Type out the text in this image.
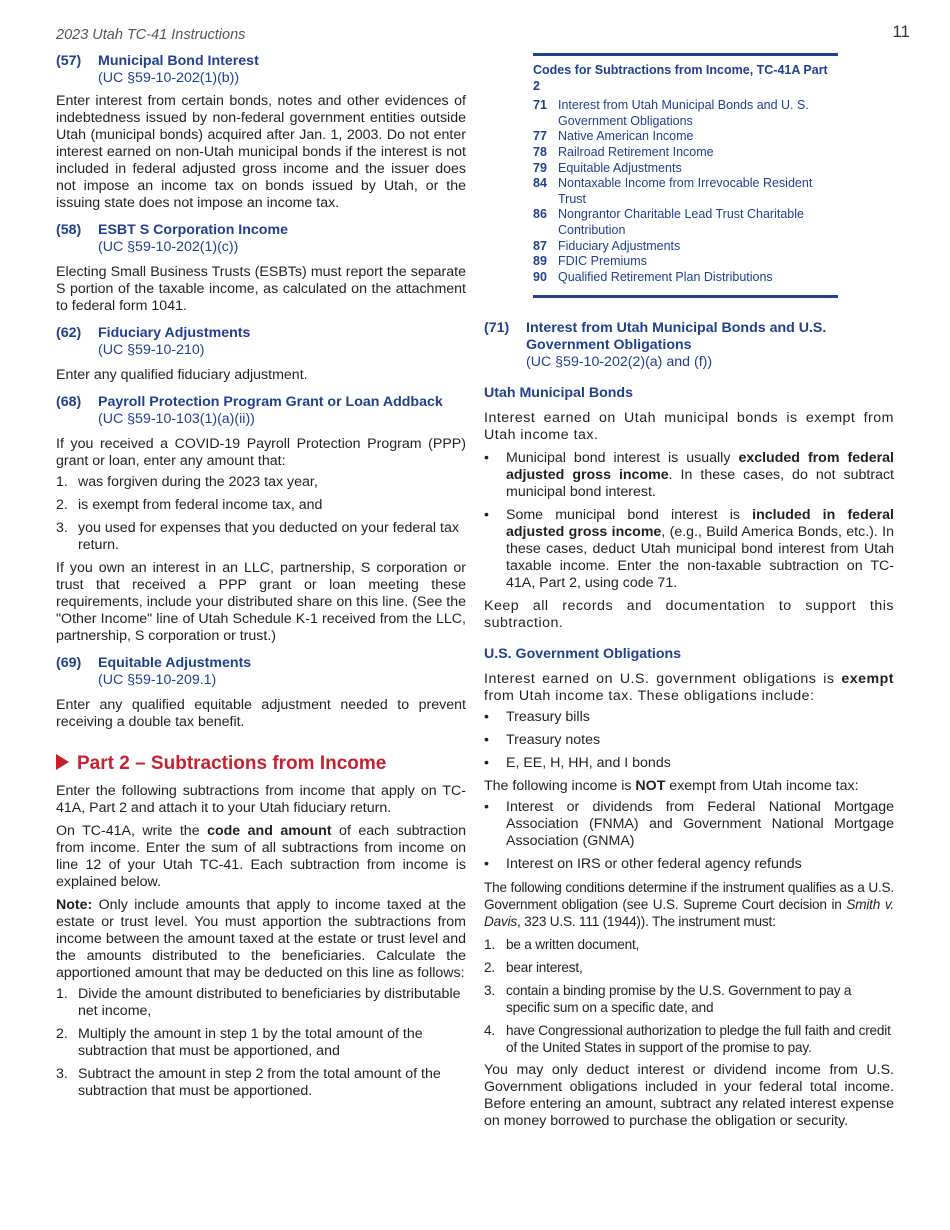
2023 Utah TC-41 Instructions	11
(57) Municipal Bond Interest
(UC §59-10-202(1)(b))

Enter interest from certain bonds, notes and other evidences of indebtedness issued by non-federal government entities outside Utah (municipal bonds) acquired after Jan. 1, 2003. Do not enter interest earned on non-Utah municipal bonds if the interest is not included in federal adjusted gross income and the issuer does not impose an income tax on bonds issued by Utah, or the issuing state does not impose an income tax.

(58) ESBT S Corporation Income
(UC §59-10-202(1)(c))

Electing Small Business Trusts (ESBTs) must report the separate S portion of the taxable income, as calculated on the attachment to federal form 1041.

(62) Fiduciary Adjustments
(UC §59-10-210)

Enter any qualified fiduciary adjustment.

(68) Payroll Protection Program Grant or Loan Addback
(UC §59-10-103(1)(a)(ii))

If you received a COVID-19 Payroll Protection Program (PPP) grant or loan, enter any amount that:

1. was forgiven during the 2023 tax year,
2. is exempt from federal income tax, and
3. you used for expenses that you deducted on your federal tax return.

If you own an interest in an LLC, partnership, S corporation or trust that received a PPP grant or loan meeting these requirements, include your distributed share on this line. (See the "Other Income" line of Utah Schedule K-1 received from the LLC, partnership, S corporation or trust.)

(69) Equitable Adjustments
(UC §59-10-209.1)

Enter any qualified equitable adjustment needed to prevent receiving a double tax benefit.

Part 2 – Subtractions from Income

Enter the following subtractions from income that apply on TC-41A, Part 2 and attach it to your Utah fiduciary return.

On TC-41A, write the code and amount of each subtraction from income. Enter the sum of all subtractions from income on line 12 of your Utah TC-41. Each subtraction from income is explained below.

Note: Only include amounts that apply to income taxed at the estate or trust level. You must apportion the subtractions from income between the amount taxed at the estate or trust level and the amounts distributed to the beneficiaries. Calculate the apportioned amount that may be deducted on this line as follows:

1. Divide the amount distributed to beneficiaries by distributable net income,
2. Multiply the amount in step 1 by the total amount of the subtraction that must be apportioned, and
3. Subtract the amount in step 2 from the total amount of the subtraction that must be apportioned.

Codes for Subtractions from Income, TC-41A Part 2

71 Interest from Utah Municipal Bonds and U. S. Government Obligations
77 Native American Income
78 Railroad Retirement Income
79 Equitable Adjustments
84 Nontaxable Income from Irrevocable Resident Trust
86 Nongrantor Charitable Lead Trust Charitable Contribution
87 Fiduciary Adjustments
89 FDIC Premiums
90 Qualified Retirement Plan Distributions
(71) Interest from Utah Municipal Bonds and U.S. Government Obligations
(UC §59-10-202(2)(a) and (f))

Utah Municipal Bonds

Interest earned on Utah municipal bonds is exempt from Utah income tax.

• Municipal bond interest is usually excluded from federal adjusted gross income. In these cases, do not subtract municipal bond interest.
• Some municipal bond interest is included in federal adjusted gross income, (e.g., Build America Bonds, etc.). In these cases, deduct Utah municipal bond interest from Utah taxable income. Enter the non-taxable subtraction on TC-41A, Part 2, using code 71.

Keep all records and documentation to support this subtraction.

U.S. Government Obligations

Interest earned on U.S. government obligations is exempt from Utah income tax. These obligations include:

• Treasury bills
• Treasury notes
• E, EE, H, HH, and I bonds

The following income is NOT exempt from Utah income tax:

• Interest or dividends from Federal National Mortgage Association (FNMA) and Government National Mortgage Association (GNMA)
• Interest on IRS or other federal agency refunds

The following conditions determine if the instrument qualifies as a U.S. Government obligation (see U.S. Supreme Court decision in Smith v. Davis, 323 U.S. 111 (1944)). The instrument must:

1. be a written document,
2. bear interest,
3. contain a binding promise by the U.S. Government to pay a specific sum on a specific date, and
4. have Congressional authorization to pledge the full faith and credit of the United States in support of the promise to pay.

You may only deduct interest or dividend income from U.S. Government obligations included in your federal total income. Before entering an amount, subtract any related interest expense on money borrowed to purchase the obligation or security.
